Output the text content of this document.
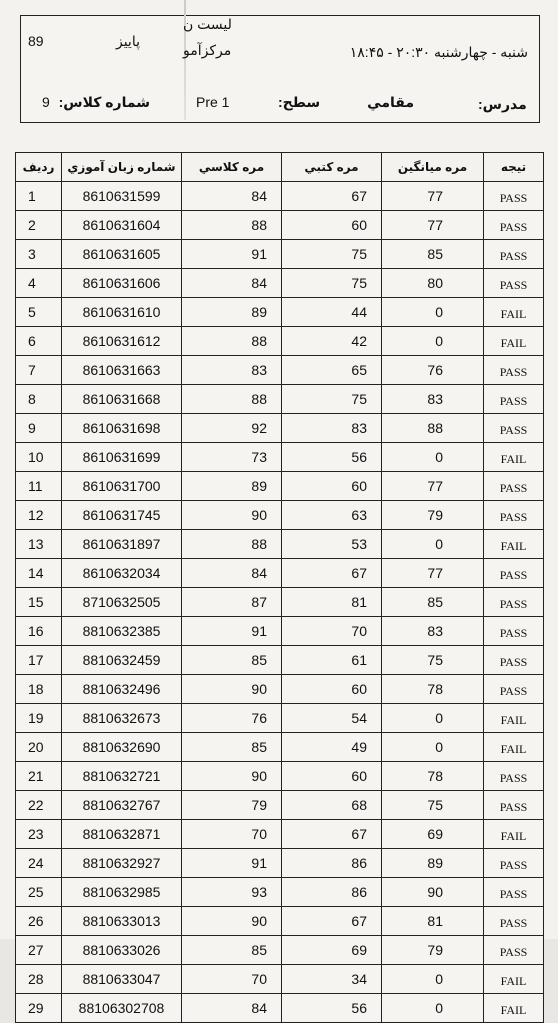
89	پاییز
لیست ن
مرکزآمو	شنبه - چهارشنبه ۲۰:۳۰ - ۱۸:۴۵
9 شماره کلاس:	Pre 1	سطح:	مقامي	مدرس:
رديف	شماره زبان آموزي	مره كلاسي	مره كتبي	مره ميانگين	تيجه
1	8610631599	84	67	77	PASS
2	8610631604	88	60	77	PASS
3	8610631605	91	75	85	PASS
4	8610631606	84	75	80	PASS
5	8610631610	89	44	0	FAIL
6	8610631612	88	42	0	FAIL
7	8610631663	83	65	76	PASS
8	8610631668	88	75	83	PASS
9	8610631698	92	83	88	PASS
10	8610631699	73	56	0	FAIL
11	8610631700	89	60	77	PASS
12	8610631745	90	63	79	PASS
13	8610631897	88	53	0	FAIL
14	8610632034	84	67	77	PASS
15	8710632505	87	81	85	PASS
16	8810632385	91	70	83	PASS
17	8810632459	85	61	75	PASS
18	8810632496	90	60	78	PASS
19	8810632673	76	54	0	FAIL
20	8810632690	85	49	0	FAIL
21	8810632721	90	60	78	PASS
22	8810632767	79	68	75	PASS
23	8810632871	70	67	69	FAIL
24	8810632927	91	86	89	PASS
25	8810632985	93	86	90	PASS
26	8810633013	90	67	81	PASS
27	8810633026	85	69	79	PASS
28	8810633047	70	34	0	FAIL
29	88106302708	84	56	0	FAIL
